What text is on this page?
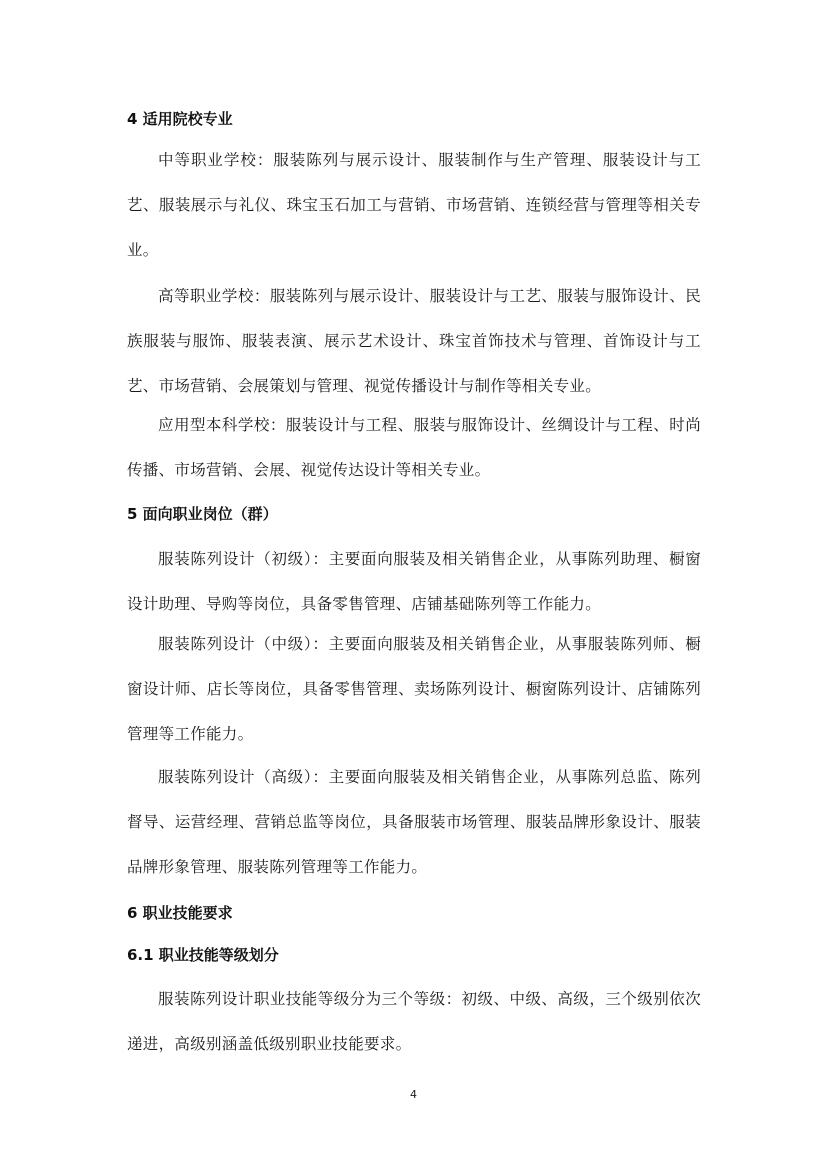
4 适用院校专业
中等职业学校：服装陈列与展示设计、服装制作与生产管理、服装设计与工艺、服装展示与礼仪、珠宝玉石加工与营销、市场营销、连锁经营与管理等相关专业。
高等职业学校：服装陈列与展示设计、服装设计与工艺、服装与服饰设计、民族服装与服饰、服装表演、展示艺术设计、珠宝首饰技术与管理、首饰设计与工艺、市场营销、会展策划与管理、视觉传播设计与制作等相关专业。
应用型本科学校：服装设计与工程、服装与服饰设计、丝绸设计与工程、时尚传播、市场营销、会展、视觉传达设计等相关专业。
5 面向职业岗位（群）
服装陈列设计（初级）：主要面向服装及相关销售企业，从事陈列助理、橱窗设计助理、导购等岗位，具备零售管理、店铺基础陈列等工作能力。
服装陈列设计（中级）：主要面向服装及相关销售企业，从事服装陈列师、橱窗设计师、店长等岗位，具备零售管理、卖场陈列设计、橱窗陈列设计、店铺陈列管理等工作能力。
服装陈列设计（高级）：主要面向服装及相关销售企业，从事陈列总监、陈列督导、运营经理、营销总监等岗位，具备服装市场管理、服装品牌形象设计、服装品牌形象管理、服装陈列管理等工作能力。
6 职业技能要求
6.1 职业技能等级划分
服装陈列设计职业技能等级分为三个等级：初级、中级、高级，三个级别依次递进，高级别涵盖低级别职业技能要求。
4
